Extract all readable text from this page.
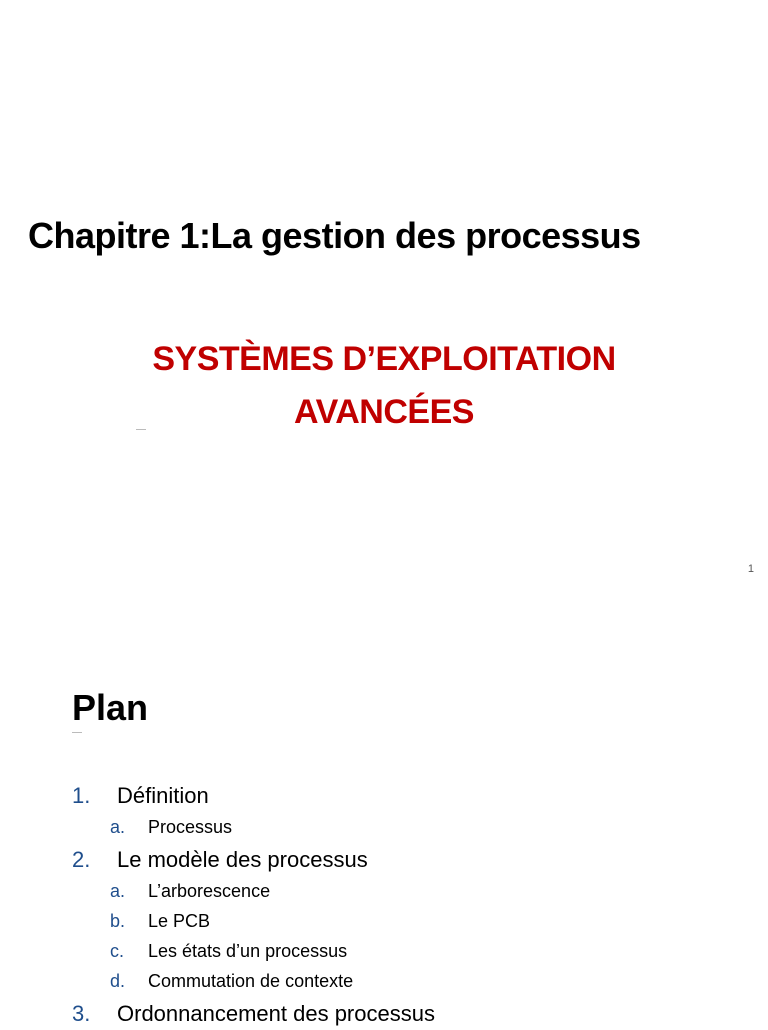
Chapitre 1:La gestion des processus
SYSTÈMES D’EXPLOITATION
AVANCÉES
1
Plan
1.	Définition
a.	Processus
2.	Le modèle des processus
a.	L’arborescence
b.	Le PCB
c.	Les états d’un processus
d.	Commutation de contexte
3.	Ordonnancement des processus
